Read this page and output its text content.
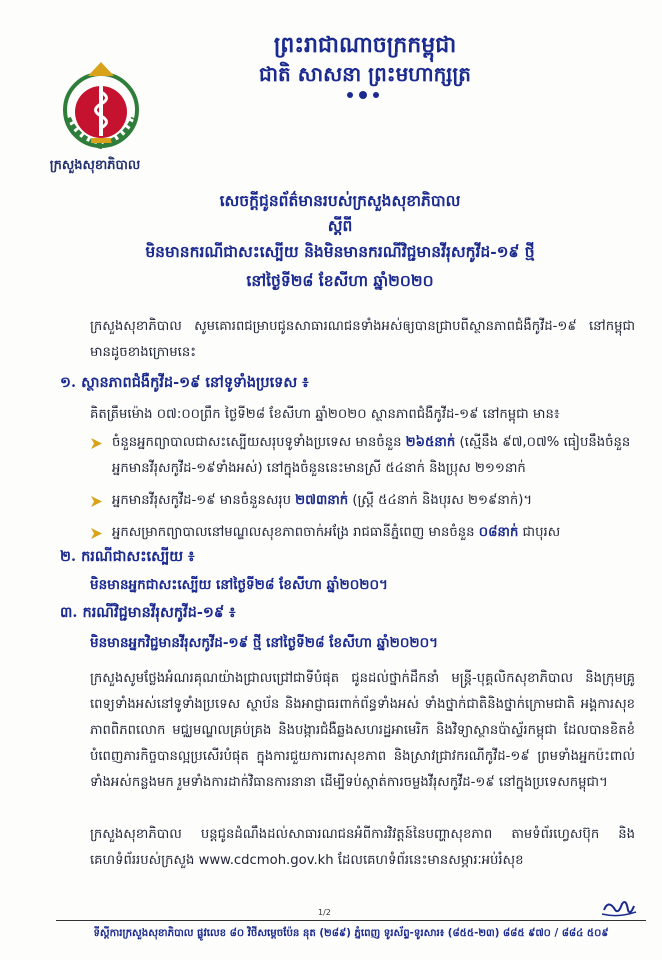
ក្រសួងសុខាភិបាល
ព្រះរាជាណាចក្រកម្ពុជា
ជាតិ សាសនា ព្រះមហាក្សត្រ
សេចក្តីជូនព័ត៌មានរបស់ក្រសួងសុខាភិបាល
ស្តីពី
មិនមានករណីជាសះស្បើយ និងមិនមានករណីវិជ្ជមានវីរុសកូវីដ-១៩ ថ្មី
នៅថ្ងៃទី២៨ ខែសីហា ឆ្នាំ២០២០
ក្រសួងសុខាភិបាល សូមគោរពជម្រាបជូនសាធារណជនទាំងអស់ឲ្យបានជ្រាបពីស្ថានភាពជំងឺកូវីដ-១៩ នៅកម្ពុជា មានដូចខាងក្រោមនេះ
១. ស្ថានភាពជំងឺកូវីដ-១៩ នៅទូទាំងប្រទេស ៖
គិតត្រឹមម៉ោង ០៧:០០ព្រឹក ថ្ងៃទី២៨ ខែសីហា ឆ្នាំ២០២០ ស្ថានភាពជំងឺកូវីដ-១៩ នៅកម្ពុជា មាន៖
ចំនួនអ្នកព្យាបាលជាសះស្បើយសរុបទូទាំងប្រទេស មានចំនួន ២៦៥នាក់ (ស្មើនឹង ៩៧,០៧% ធៀបនឹងចំនួនអ្នកមានវីរុសកូវីដ-១៩ទាំងអស់) នៅក្នុងចំនួននេះមានស្រី ៥៤នាក់ និងប្រុស ២១១នាក់
អ្នកមានវីរុសកូវីដ-១៩ មានចំនួនសរុប ២៧៣នាក់ (ស្រ្តី ៥៤នាក់ និងបុរស ២១៩នាក់)។
អ្នកសម្រាកព្យាបាលនៅមណ្ឌលសុខភាពចាក់អង្រែ រាជធានីភ្នំពេញ មានចំនួន ០៨នាក់ ជាបុរស
២. ករណីជាសះស្បើយ ៖
មិនមានអ្នកជាសះស្បើយ នៅថ្ងៃទី២៨ ខែសីហា ឆ្នាំ២០២០។
៣. ករណីវិជ្ជមានវីរុសកូវីដ-១៩ ៖
មិនមានអ្នកវិជ្ជមានវីរុសកូវីដ-១៩ ថ្មី នៅថ្ងៃទី២៨ ខែសីហា ឆ្នាំ២០២០។
ក្រសួងសូមថ្លែងអំណរគុណយ៉ាងជ្រាលជ្រៅជាទីបំផុត ជូនដល់ថ្នាក់ដឹកនាំ មន្រ្តី-បុគ្គលិកសុខាភិបាល និងក្រុមគ្រូពេទ្យទាំងអស់នៅទូទាំងប្រទេស ស្ថាប័ន និងអាជ្ញាធរពាក់ព័ន្ធទាំងអស់ ទាំងថ្នាក់ជាតិនិងថ្នាក់ក្រោមជាតិ អង្គការសុខភាពពិភពលោក មជ្ឈមណ្ឌលគ្រប់គ្រង និងបង្ការជំងឺឆ្លងសហរដ្ឋអាមេរិក និងវិទ្យាស្ថានប៉ាស្ទ័រកម្ពុជា ដែលបានខិតខំបំពេញភារកិច្ចបានល្អប្រសើរបំផុត ក្នុងការជួយការពារសុខភាព និងស្រាវជ្រាវករណីកូវីដ-១៩ ព្រមទាំងអ្នកប៉ះពាល់ទាំងអស់កន្លងមក រួមទាំងការដាក់វិធានការនានា ដើម្បីទប់ស្កាត់ការចម្លងវីរុសកូវីដ-១៩ នៅក្នុងប្រទេសកម្ពុជា។
ក្រសួងសុខាភិបាល បន្តជូនដំណឹងដល់សាធារណជនអំពីការវិវត្តន៍នៃបញ្ហាសុខភាព តាមទំព័រហ្វេសប៊ុក និងគេហទំព័ររបស់ក្រសួង www.cdcmoh.gov.kh ដែលគេហទំព័រនេះមានសម្ភារៈអប់រំសុខ
1/2
ទីស្តីការក្រសួងសុខាភិបាល ផ្លូវលេខ ៨០ វិថីសម្តេចប៉ែន នុត (២៨៩) ភ្នំពេញ ទូរស័ព្ទ-ទូរសារ៖ (៨៥៥-២៣) ៨៨៥ ៩៧០ / ៨៨៤ ៥០៩
